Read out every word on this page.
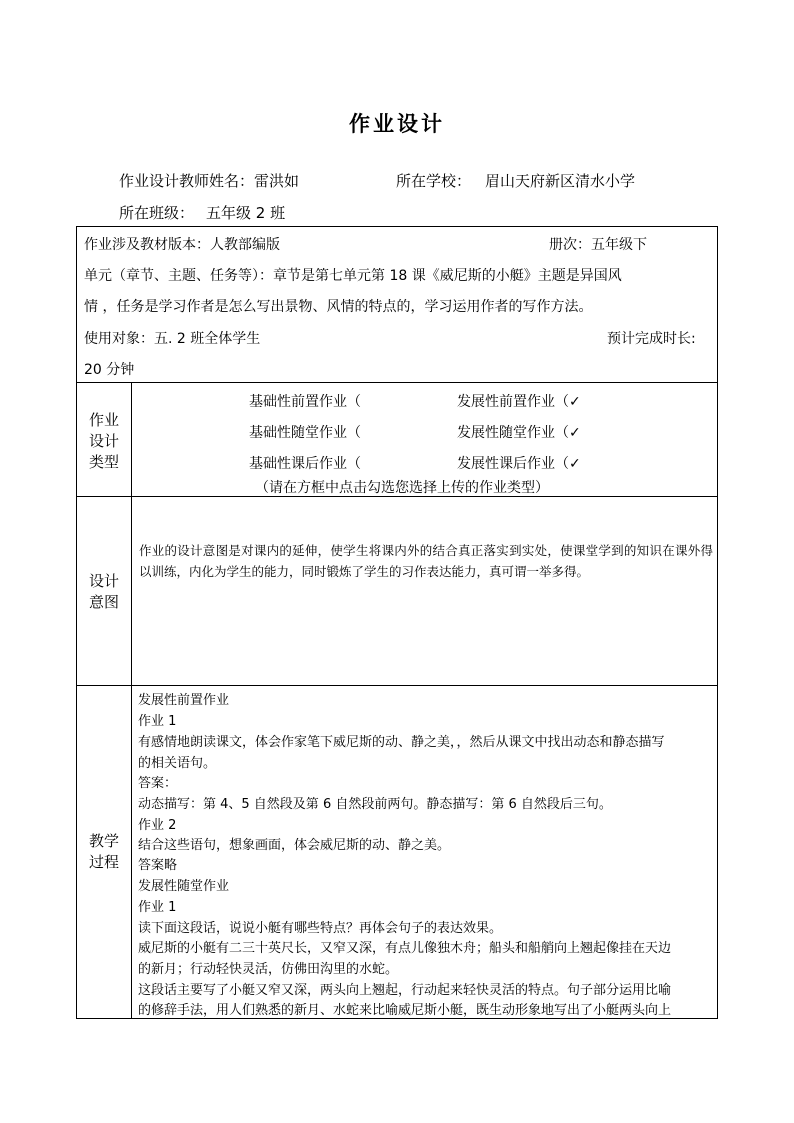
作业设计
作业设计教师姓名：雷洪如	所在学校： 眉山天府新区清水小学
所在班级： 五年级 2 班
作业涉及教材版本：人教部编版	册次：五年级下
单元（章节、主题、任务等）：章节是第七单元第 18 课《威尼斯的小艇》主题是异国风
情 ，任务是学习作者是怎么写出景物、风情的特点的，学习运用作者的写作方法。
使用对象：五. 2 班全体学生	预计完成时长:
20 分钟
作业
设计
类型
基础性前置作业（	发展性前置作业（✓
基础性随堂作业（	发展性随堂作业（✓
基础性课后作业（	发展性课后作业（✓
（请在方框中点击勾选您选择上传的作业类型）
设计
意图
作业的设计意图是对课内的延伸，使学生将课内外的结合真正落实到实处，使课堂学到的知识在课外得以训练，内化为学生的能力，同时锻炼了学生的习作表达能力，真可谓一举多得。
教学
过程
发展性前置作业
作业 1
有感情地朗读课文，体会作家笔下威尼斯的动、静之美，，然后从课文中找出动态和静态描写
的相关语句。
答案：
动态描写：第 4、5 自然段及第 6 自然段前两句。静态描写：第 6 自然段后三句。
作业 2
结合这些语句，想象画面，体会威尼斯的动、静之美。
答案略
发展性随堂作业
作业 1
读下面这段话，说说小艇有哪些特点？再体会句子的表达效果。
威尼斯的小艇有二三十英尺长，又窄又深，有点儿像独木舟；船头和船艄向上翘起像挂在天边
的新月；行动轻快灵活，仿佛田沟里的水蛇。
这段话主要写了小艇又窄又深，两头向上翘起，行动起来轻快灵活的特点。句子部分运用比喻
的修辞手法，用人们熟悉的新月、水蛇来比喻威尼斯小艇，既生动形象地写出了小艇两头向上
